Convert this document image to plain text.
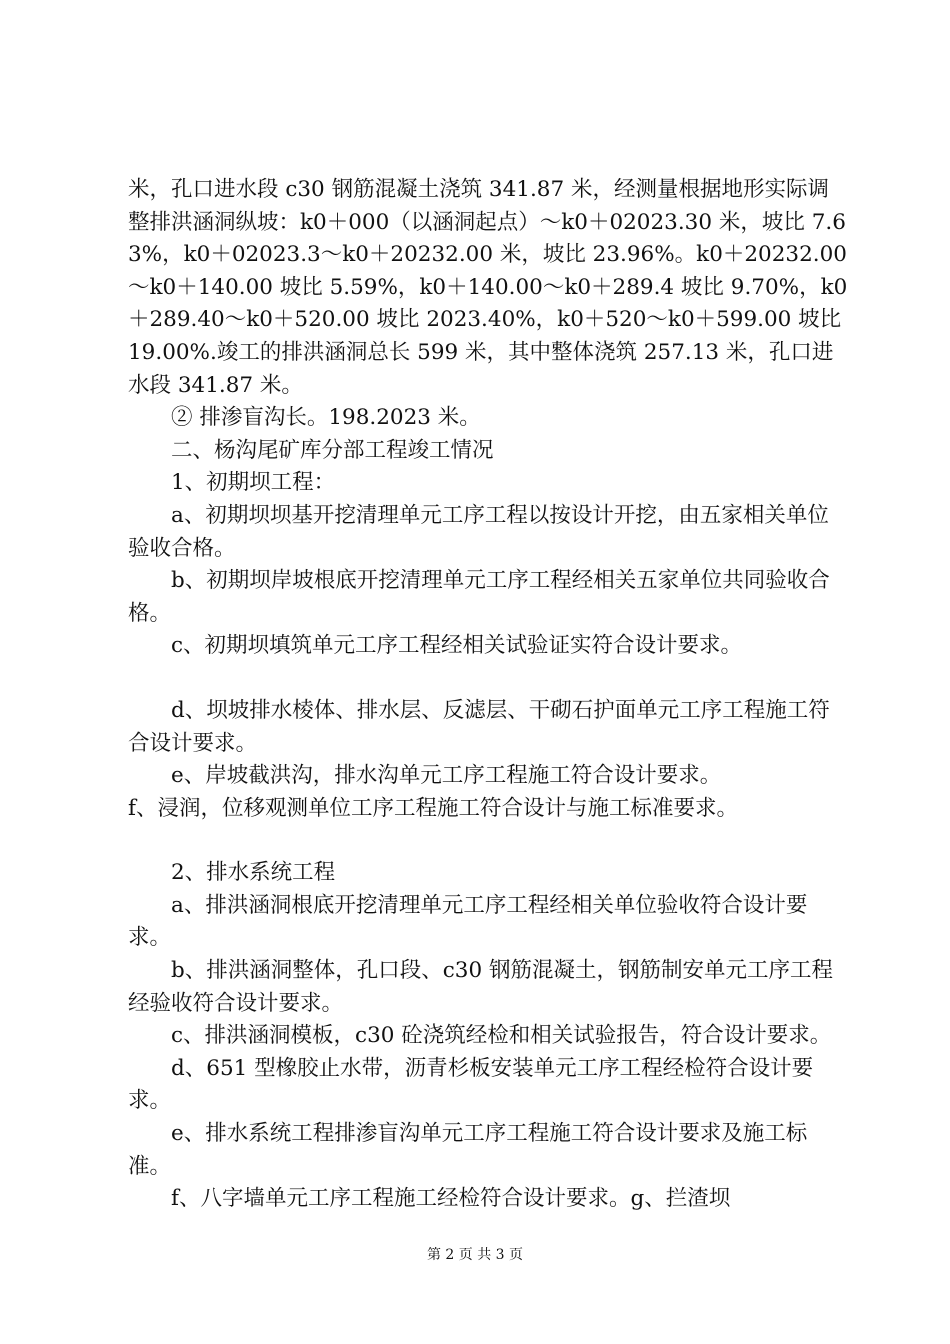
米，孔口进水段 c30 钢筋混凝土浇筑 341.87 米，经测量根据地形实际调整排洪涵洞纵坡：k0＋000（以涵洞起点）～k0＋02023.30 米，坡比 7.63%，k0＋02023.3～k0＋20232.00 米，坡比 23.96%。k0＋20232.00～k0＋140.00 坡比 5.59%，k0＋140.00～k0＋289.4 坡比 9.70%，k0＋289.40～k0＋520.00 坡比 2023.40%，k0＋520～k0＋599.00 坡比 19.00%.竣工的排洪涵洞总长 599 米，其中整体浇筑 257.13 米，孔口进水段 341.87 米。

② 排渗盲沟长。198.2023 米。

二、杨沟尾矿库分部工程竣工情况

1、初期坝工程：

a、初期坝坝基开挖清理单元工序工程以按设计开挖，由五家相关单位验收合格。

b、初期坝岸坡根底开挖清理单元工序工程经相关五家单位共同验收合格。

c、初期坝填筑单元工序工程经相关试验证实符合设计要求。

d、坝坡排水棱体、排水层、反滤层、干砌石护面单元工序工程施工符合设计要求。

e、岸坡截洪沟，排水沟单元工序工程施工符合设计要求。

f、浸润，位移观测单位工序工程施工符合设计与施工标准要求。

2、排水系统工程

a、排洪涵洞根底开挖清理单元工序工程经相关单位验收符合设计要求。

b、排洪涵洞整体，孔口段、c30 钢筋混凝土，钢筋制安单元工序工程经验收符合设计要求。

c、排洪涵洞模板，c30 砼浇筑经检和相关试验报告，符合设计要求。

d、651 型橡胶止水带，沥青杉板安装单元工序工程经检符合设计要求。

e、排水系统工程排渗盲沟单元工序工程施工符合设计要求及施工标准。

f、八字墙单元工序工程施工经检符合设计要求。g、拦渣坝

第 2 页 共 3 页
